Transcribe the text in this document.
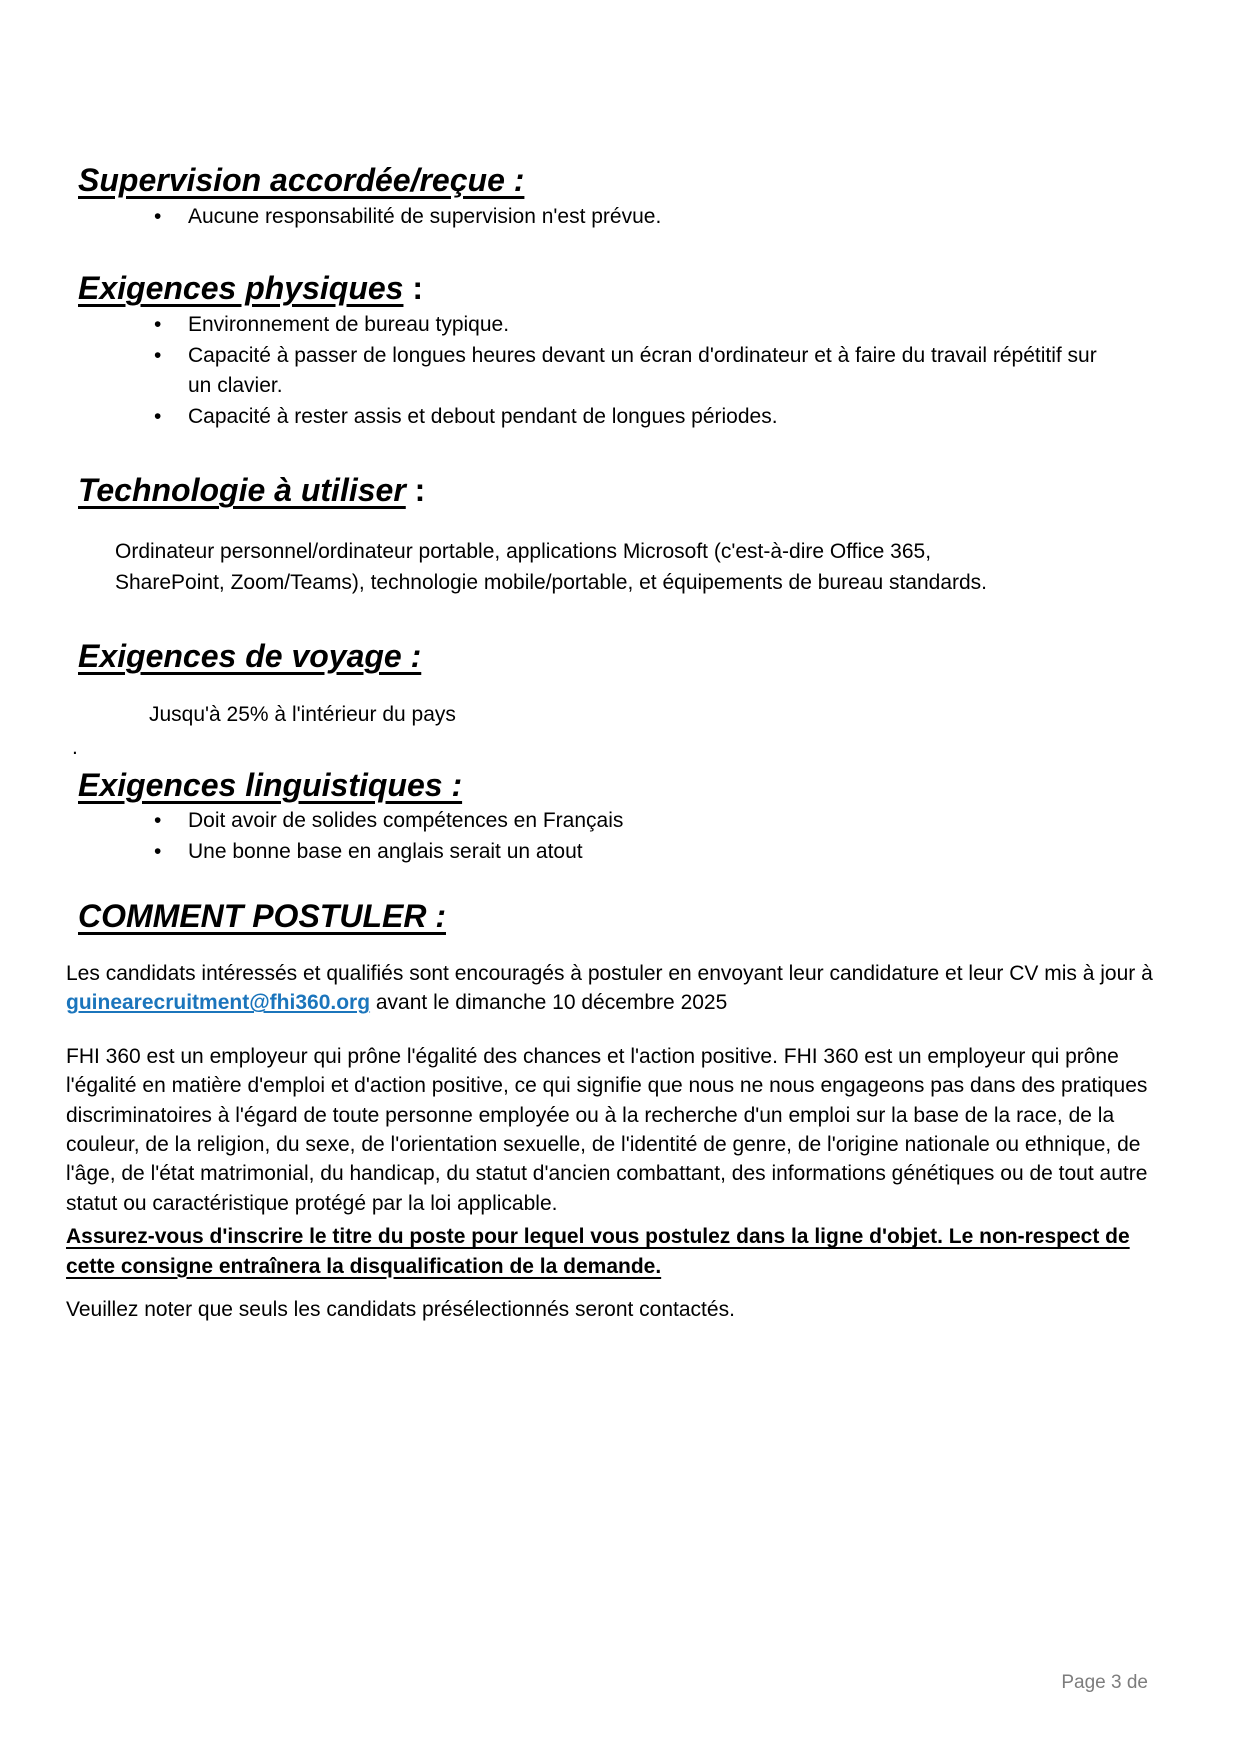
Supervision accordée/reçue :
• Aucune responsabilité de supervision n'est prévue.
Exigences physiques :
• Environnement de bureau typique.
• Capacité à passer de longues heures devant un écran d'ordinateur et à faire du travail répétitif sur un clavier.
• Capacité à rester assis et debout pendant de longues périodes.
Technologie à utiliser :

Ordinateur personnel/ordinateur portable, applications Microsoft (c'est-à-dire Office 365, SharePoint, Zoom/Teams), technologie mobile/portable, et équipements de bureau standards.

Exigences de voyage :

Jusqu'à 25% à l'intérieur du pays

.

Exigences linguistiques :
• Doit avoir de solides compétences en Français
• Une bonne base en anglais serait un atout
COMMENT POSTULER :

Les candidats intéressés et qualifiés sont encouragés à postuler en envoyant leur candidature et leur CV mis à jour à guinearecruitment@fhi360.org avant le dimanche 10 décembre 2025

FHI 360 est un employeur qui prône l'égalité des chances et l'action positive. FHI 360 est un employeur qui prône l'égalité en matière d'emploi et d'action positive, ce qui signifie que nous ne nous engageons pas dans des pratiques discriminatoires à l'égard de toute personne employée ou à la recherche d'un emploi sur la base de la race, de la couleur, de la religion, du sexe, de l'orientation sexuelle, de l'identité de genre, de l'origine nationale ou ethnique, de l'âge, de l'état matrimonial, du handicap, du statut d'ancien combattant, des informations génétiques ou de tout autre statut ou caractéristique protégé par la loi applicable.

Assurez-vous d'inscrire le titre du poste pour lequel vous postulez dans la ligne d'objet. Le non-respect de cette consigne entraînera la disqualification de la demande.

Veuillez noter que seuls les candidats présélectionnés seront contactés.

Page 3 de
